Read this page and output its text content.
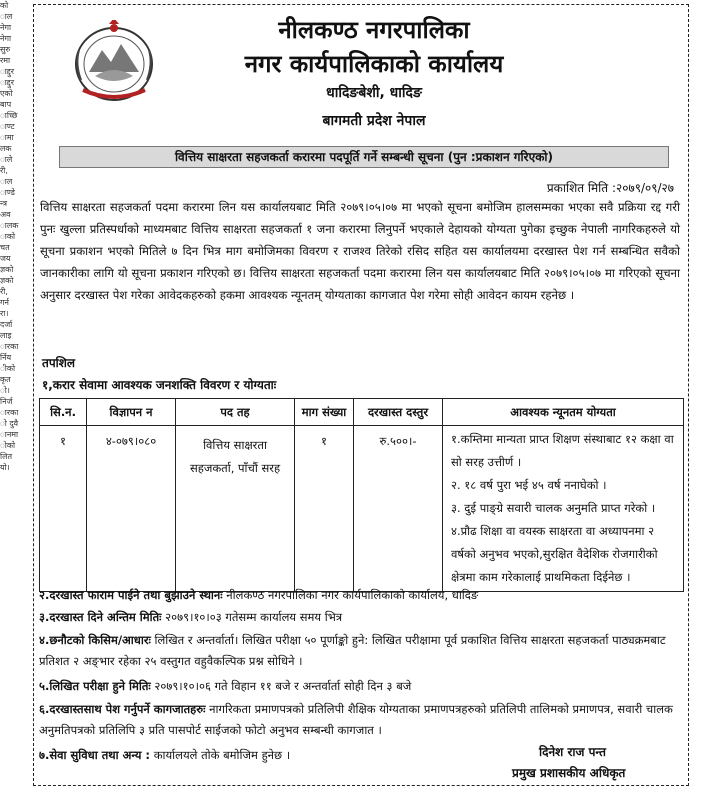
को
ाल
नेगा
नेगा
सुरु
रमा
ाद्दुर
ाद्दुर
एको
बाप
ाच्छि
ाण्ट
ामा
लक
ाले
री,
ाल
ाण्डे
न्त्र
अव
ालक
ाको
चत
जय
ज्ञको
ज्ञको
री,
गर्न
रा।
दर्जा
लाइ
ारका
र्निय
ीको
कृत
ो।
निर्ज
ारका
ो दुवै
ानमा
ोको
लित
यो।
नीलकण्ठ नगरपालिका
नगर कार्यपालिकाको कार्यालय
धादिङबेशी, धादिङ
बागमती प्रदेश नेपाल
वित्तिय साक्षरता सहजकर्ता करारमा पदपूर्ति गर्ने सम्बन्धी सूचना (पुन :प्रकाशन गरिएको)
प्रकाशित मिति :२०७९/०९/२७
वित्तिय साक्षरता सहजकर्ता पदमा करारमा लिन यस कार्यालयबाट मिति २०७९।०५।०७ मा भएको सूचना बमोजिम हालसम्मका भएका सवै प्रक्रिया रद्द गरी पुनः खुल्ला प्रतिस्पर्धाको माध्यमबाट वित्तिय साक्षरता सहजकर्ता १ जना करारमा लिनुपर्ने भएकाले देहायको योग्यता पुगेका इच्छुक नेपाली नागरिकहरुले यो सूचना प्रकाशन भएको मितिले ७ दिन भित्र माग बमोजिमका विवरण र राजश्व तिरेको रसिद सहित यस कार्यालयमा दरखास्त पेश गर्न सम्बन्धित सवैको जानकारीका लागि यो सूचना प्रकाशन गरिएको छ। वित्तिय साक्षरता सहजकर्ता पदमा करारमा लिन यस कार्यालयबाट मिति २०७९।०५।०७ मा गरिएको सूचना अनुसार दरखास्त पेश गरेका आवेदकहरुको हकमा आवश्यक न्यूनतम् योग्यताका कागजात पेश गरेमा सोही आवेदन कायम रहनेछ ।
तपशिल
१,करार सेवामा आवश्यक जनशक्ति विवरण र योग्यताः
सि.न.	विज्ञापन न	पद तह	माग संख्या	दरखास्त दस्तुर	आवश्यक न्यूनतम योग्यता
१	४-०७९।०८०	वित्तिय साक्षरता सहजकर्ता, पाँचौं सरह	१	रु.५००।-	१.कम्तिमा मान्यता प्राप्त शिक्षण संस्थाबाट १२ कक्षा वा सो सरह उत्तीर्ण ।
२. १८ वर्ष पुरा भई ४५ वर्ष ननाघेको ।
३. दुई पाङ्ग्रे सवारी चालक अनुमति प्राप्त गरेको ।
४.प्रौढ शिक्षा वा वयस्क साक्षरता वा अध्यापनमा २ वर्षको अनुभव भएको,सुरक्षित वैदेशिक रोजगारीको क्षेत्रमा काम गरेकालाई प्राथमिकता दिईनेछ ।
२.दरखास्त फाराम पाईने तथा बुझाउने स्थानः नीलकण्ठ नगरपालिका नगर कार्यपालिकाको कार्यालय, धादिङ
३.दरखास्त दिने अन्तिम मितिः २०७९।१०।०३ गतेसम्म कार्यालय समय भित्र
४.छनौटको किसिम/आधारः लिखित र अन्तर्वार्ता। लिखित परीक्षा ५० पूर्णाङ्को हुने: लिखित परीक्षामा पूर्व प्रकाशित वित्तिय साक्षरता सहजकर्ता पाठ्यक्रमबाट प्रतिशत २ अङ्भार रहेका २५ वस्तुगत वहुवैकल्पिक प्रश्न सोधिने ।
५.लिखित परीक्षा हुने मितिः २०७९।१०।०६ गते विहान ११ बजे र अन्तर्वार्ता सोही दिन ३ बजे
६.दरखास्तसाथ पेश गर्नुपर्ने कागजातहरुः नागरिकता प्रमाणपत्रको प्रतिलिपी शैक्षिक योग्यताका प्रमाणपत्रहरुको प्रतिलिपी तालिमको प्रमाणपत्र, सवारी चालक अनुमतिपत्रको प्रतिलिपि ३ प्रति पासपोर्ट साईजको फोटो अनुभव सम्बन्धी कागजात ।
७.सेवा सुविधा तथा अन्य : कार्यालयले तोके बमोजिम हुनेछ ।	दिनेश राज पन्त
प्रमुख प्रशासकीय अधिकृत
